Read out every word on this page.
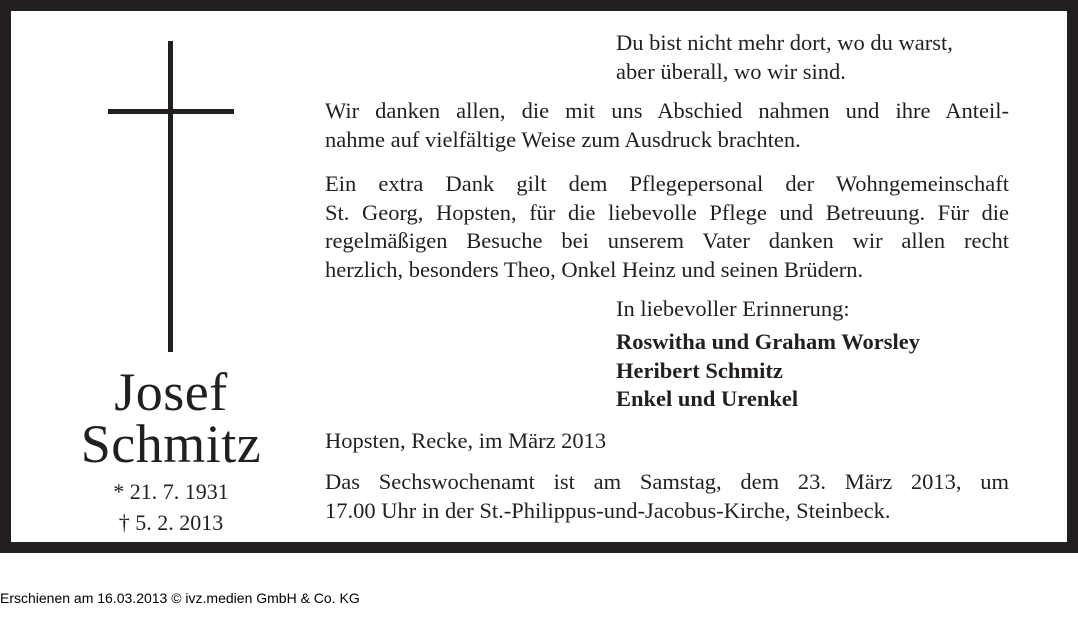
Josef
Schmitz
* 21. 7. 1931
† 5. 2. 2013
Du bist nicht mehr dort, wo du warst,
aber überall, wo wir sind.
Wir danken allen, die mit uns Abschied nahmen und ihre Anteil-
nahme auf vielfältige Weise zum Ausdruck brachten.
Ein extra Dank gilt dem Pflegepersonal der Wohngemeinschaft
St. Georg, Hopsten, für die liebevolle Pflege und Betreuung. Für die
regelmäßigen Besuche bei unserem Vater danken wir allen recht
herzlich, besonders Theo, Onkel Heinz und seinen Brüdern.
In liebevoller Erinnerung:
Roswitha und Graham Worsley
Heribert Schmitz
Enkel und Urenkel
Hopsten, Recke, im März 2013
Das Sechswochenamt ist am Samstag, dem 23. März 2013, um
17.00 Uhr in der St.-Philippus-und-Jacobus-Kirche, Steinbeck.
Erschienen am 16.03.2013 © ivz.medien GmbH & Co. KG
